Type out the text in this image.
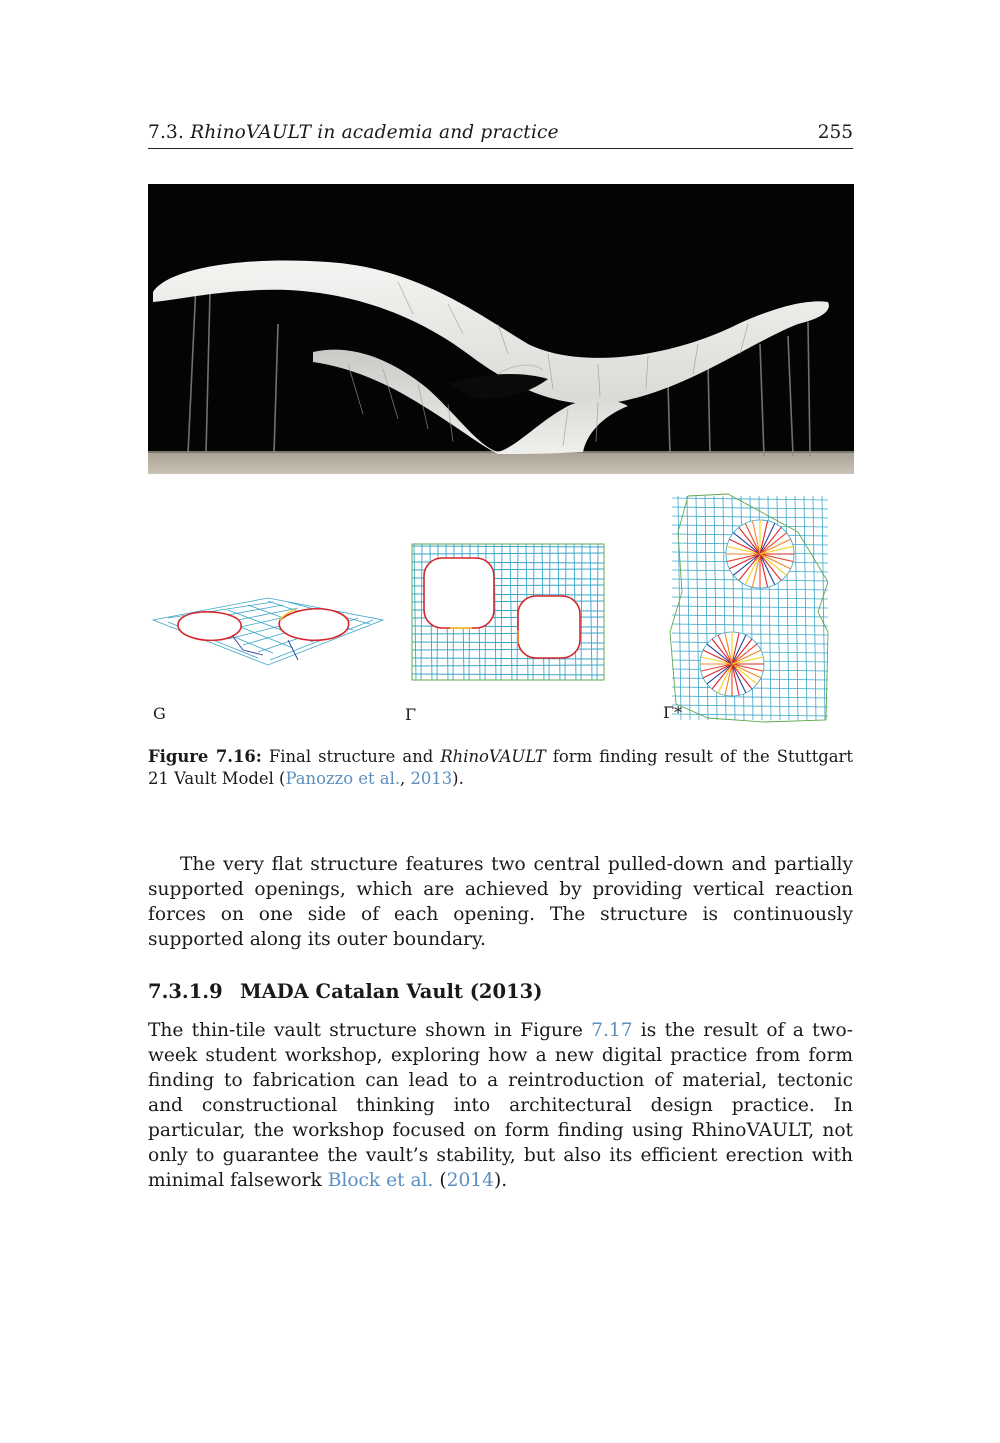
7.3. RhinoVAULT in academia and practice	255
G	Γ	Γ*
Figure 7.16: Final structure and RhinoVAULT form finding result of the Stuttgart 21 Vault Model (Panozzo et al., 2013).
The very flat structure features two central pulled-down and partially supported openings, which are achieved by providing vertical reaction forces on one side of each opening. The structure is continuously supported along its outer boundary.
7.3.1.9 MADA Catalan Vault (2013)
The thin-tile vault structure shown in Figure 7.17 is the result of a two-week student workshop, exploring how a new digital practice from form finding to fabrication can lead to a reintroduction of material, tectonic and constructional thinking into architectural design practice. In particular, the workshop focused on form finding using RhinoVAULT, not only to guarantee the vault’s stability, but also its efficient erection with minimal falsework Block et al. (2014).
